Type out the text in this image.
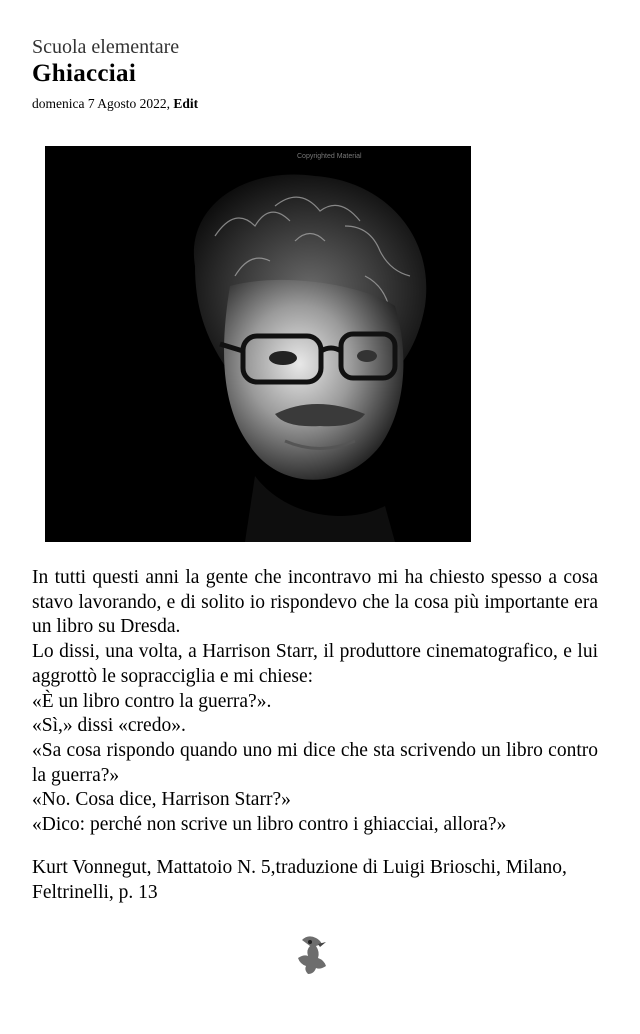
Scuola elementare
Ghiacciai
domenica 7 Agosto 2022, Edit
Copyrighted Material

In tutti questi anni la gente che incontravo mi ha chiesto spesso a cosa stavo lavorando, e di solito io rispondevo che la cosa più importante era un libro su Dresda.

Lo dissi, una volta, a Harrison Starr, il produttore cinematografico, e lui aggrottò le sopracciglia e mi chiese:

«È un libro contro la guerra?».

«Sì,» dissi «credo».

«Sa cosa rispondo quando uno mi dice che sta scrivendo un libro contro la guerra?»

«No. Cosa dice, Harrison Starr?»

«Dico: perché non scrive un libro contro i ghiacciai, allora?»

Kurt Vonnegut, Mattatoio N. 5,traduzione di Luigi Brioschi, Milano, Feltrinelli, p. 13
